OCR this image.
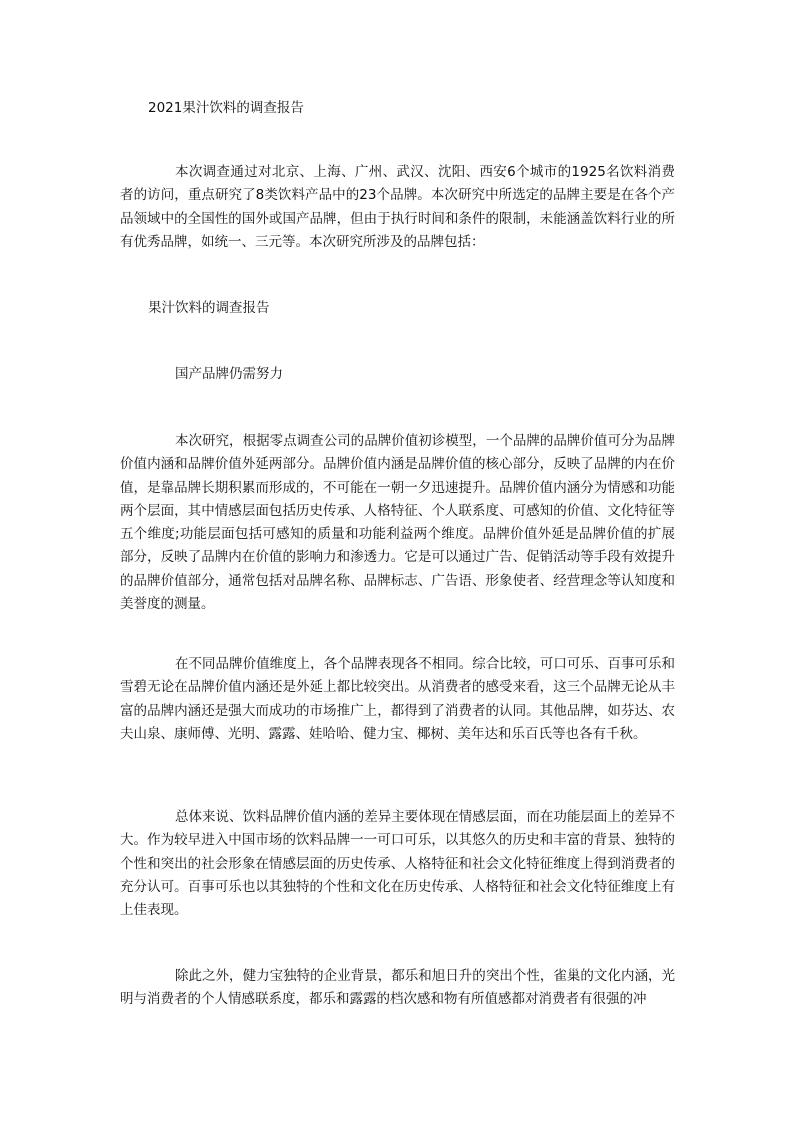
2021果汁饮料的调查报告

本次调查通过对北京、上海、广州、武汉、沈阳、西安6个城市的1925名饮料消费者的访问，重点研究了8类饮料产品中的23个品牌。本次研究中所选定的品牌主要是在各个产品领域中的全国性的国外或国产品牌，但由于执行时间和条件的限制，未能涵盖饮料行业的所有优秀品牌，如统一、三元等。本次研究所涉及的品牌包括：

果汁饮料的调查报告
国产品牌仍需努力

本次研究，根据零点调查公司的品牌价值初诊模型，一个品牌的品牌价值可分为品牌价值内涵和品牌价值外延两部分。品牌价值内涵是品牌价值的核心部分，反映了品牌的内在价值，是靠品牌长期积累而形成的，不可能在一朝一夕迅速提升。品牌价值内涵分为情感和功能两个层面，其中情感层面包括历史传承、人格特征、个人联系度、可感知的价值、文化特征等五个维度;功能层面包括可感知的质量和功能利益两个维度。品牌价值外延是品牌价值的扩展部分，反映了品牌内在价值的影响力和渗透力。它是可以通过广告、促销活动等手段有效提升的品牌价值部分，通常包括对品牌名称、品牌标志、广告语、形象使者、经营理念等认知度和美誉度的测量。

在不同品牌价值维度上，各个品牌表现各不相同。综合比较，可口可乐、百事可乐和雪碧无论在品牌价值内涵还是外延上都比较突出。从消费者的感受来看，这三个品牌无论从丰富的品牌内涵还是强大而成功的市场推广上，都得到了消费者的认同。其他品牌，如芬达、农夫山泉、康师傅、光明、露露、娃哈哈、健力宝、椰树、美年达和乐百氏等也各有千秋。

总体来说、饮料品牌价值内涵的差异主要体现在情感层面，而在功能层面上的差异不大。作为较早进入中国市场的饮料品牌一一可口可乐，以其悠久的历史和丰富的背景、独特的个性和突出的社会形象在情感层面的历史传承、人格特征和社会文化特征维度上得到消费者的充分认可。百事可乐也以其独特的个性和文化在历史传承、人格特征和社会文化特征维度上有上佳表现。

除此之外，健力宝独特的企业背景，都乐和旭日升的突出个性，雀巢的文化内涵，光明与消费者的个人情感联系度，都乐和露露的档次感和物有所值感都对消费者有很强的冲
